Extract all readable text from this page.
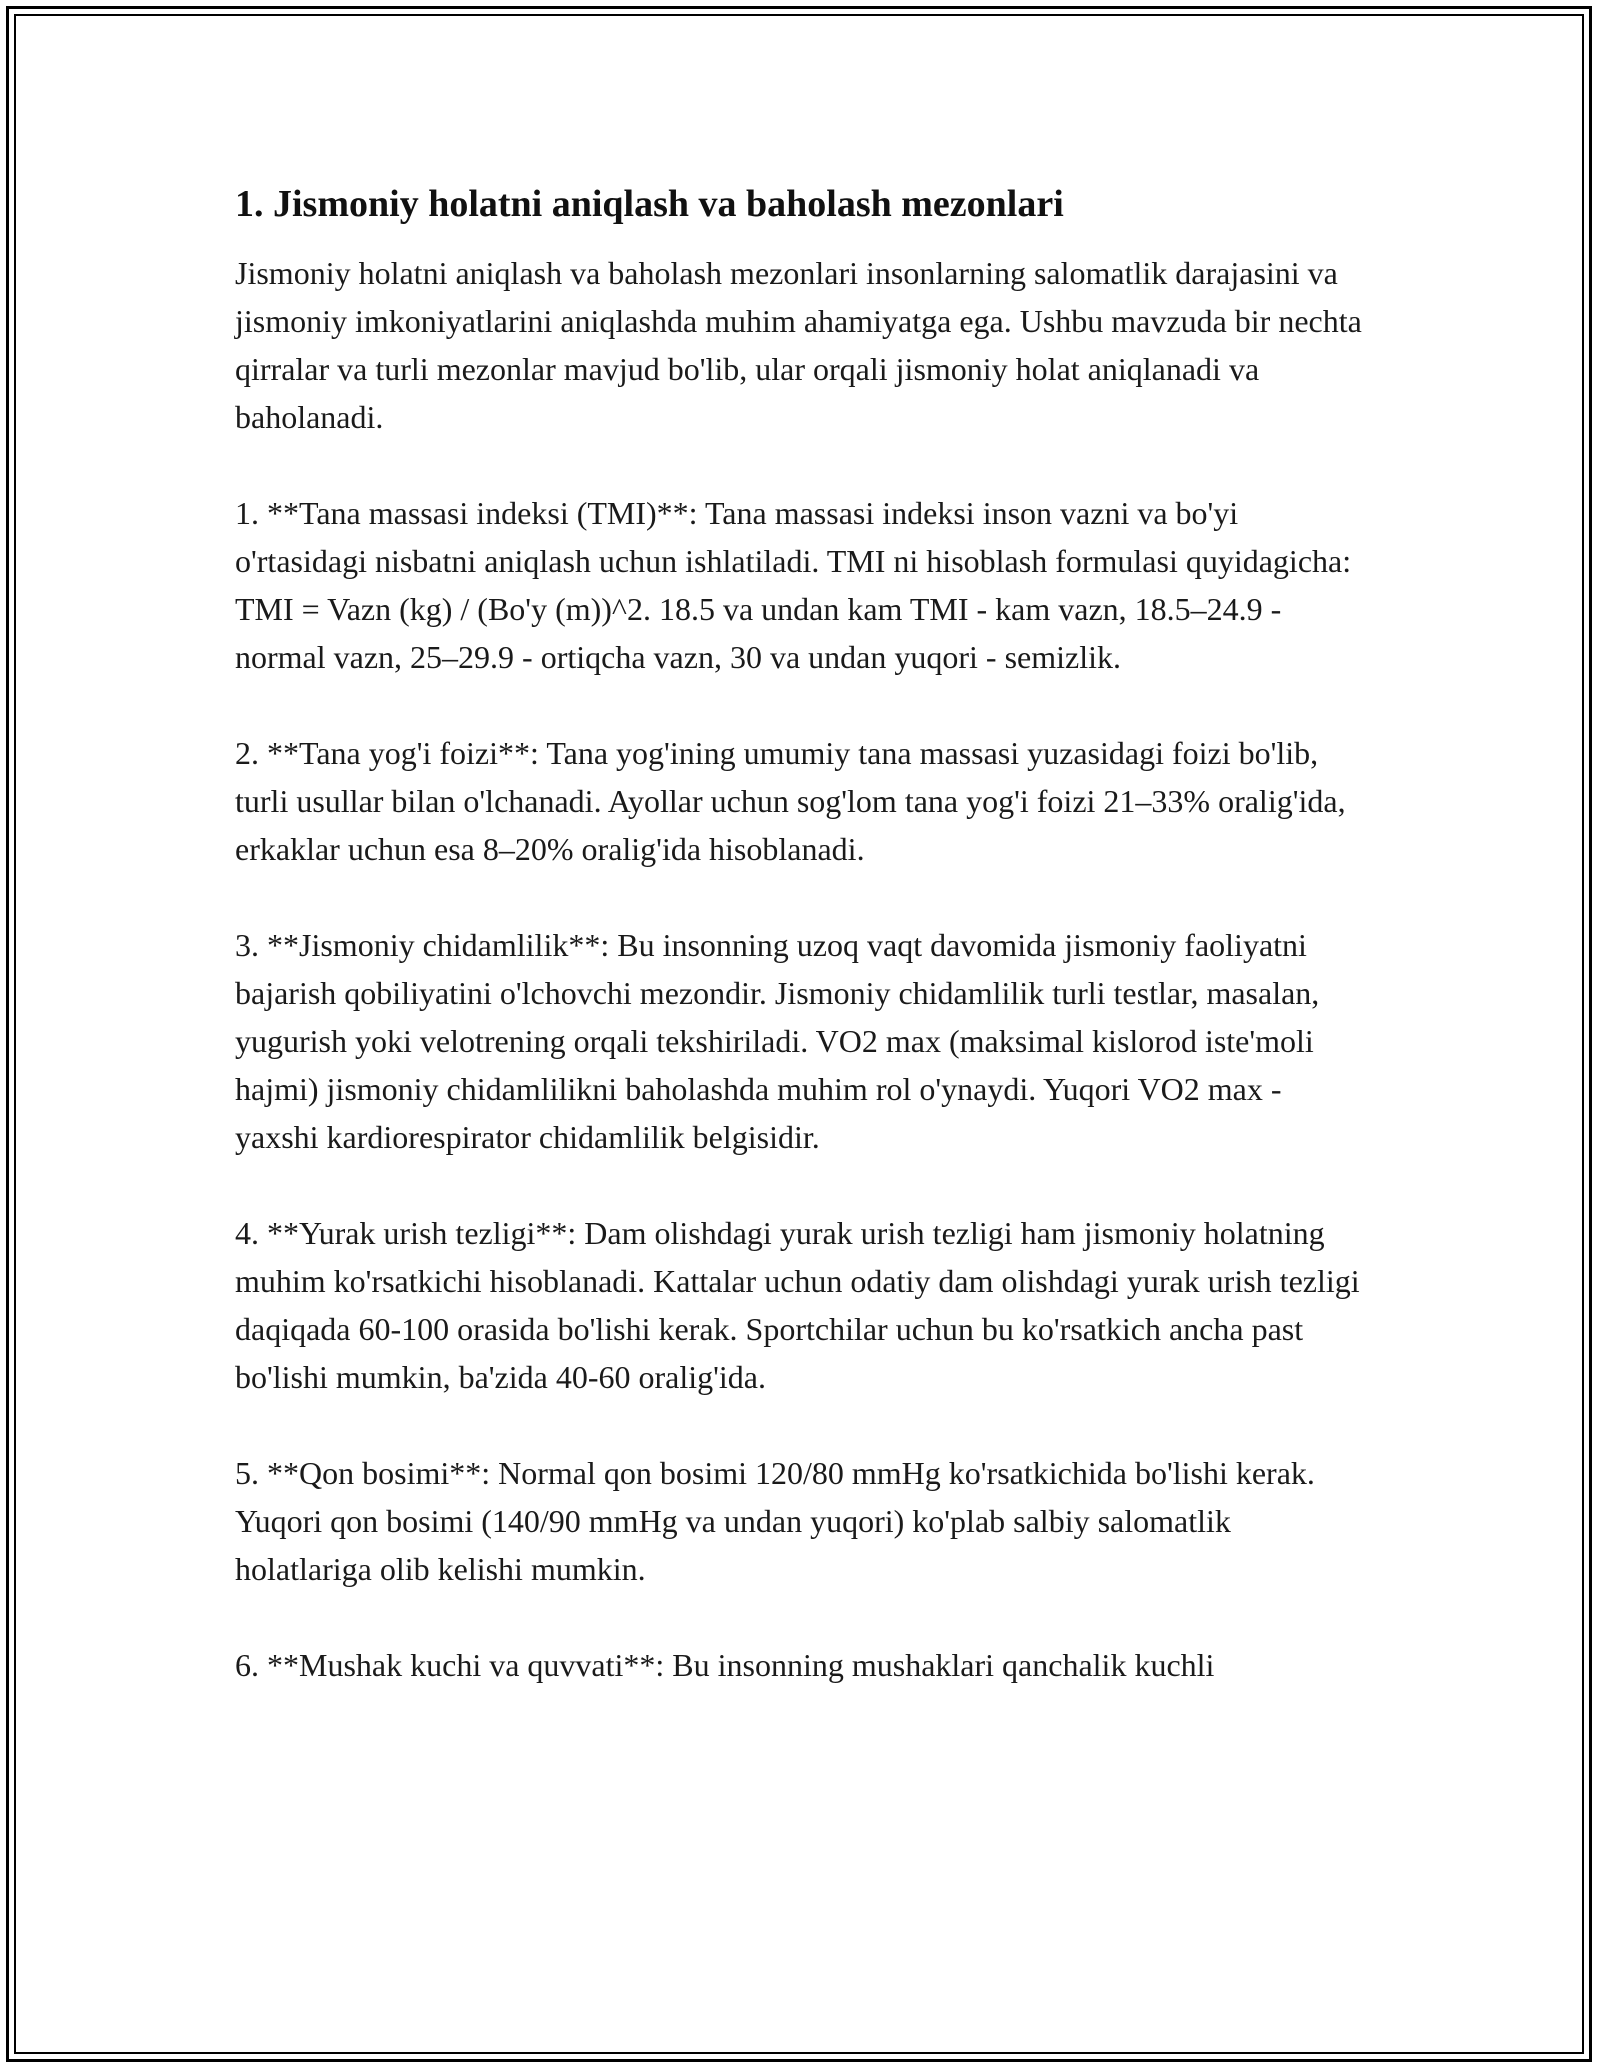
1. Jismoniy holatni aniqlash va baholash mezonlari

Jismoniy holatni aniqlash va baholash mezonlari insonlarning salomatlik darajasini va jismoniy imkoniyatlarini aniqlashda muhim ahamiyatga ega. Ushbu mavzuda bir nechta qirralar va turli mezonlar mavjud bo'lib, ular orqali jismoniy holat aniqlanadi va baholanadi.

1. **Tana massasi indeksi (TMI)**: Tana massasi indeksi inson vazni va bo'yi o'rtasidagi nisbatni aniqlash uchun ishlatiladi. TMI ni hisoblash formulasi quyidagicha: TMI = Vazn (kg) / (Bo'y (m))^2. 18.5 va undan kam TMI - kam vazn, 18.5–24.9 - normal vazn, 25–29.9 - ortiqcha vazn, 30 va undan yuqori - semizlik.

2. **Tana yog'i foizi**: Tana yog'ining umumiy tana massasi yuzasidagi foizi bo'lib, turli usullar bilan o'lchanadi. Ayollar uchun sog'lom tana yog'i foizi 21–33% oralig'ida, erkaklar uchun esa 8–20% oralig'ida hisoblanadi.

3. **Jismoniy chidamlilik**: Bu insonning uzoq vaqt davomida jismoniy faoliyatni bajarish qobiliyatini o'lchovchi mezondir. Jismoniy chidamlilik turli testlar, masalan, yugurish yoki velotrening orqali tekshiriladi. VO2 max (maksimal kislorod iste'moli hajmi) jismoniy chidamlilikni baholashda muhim rol o'ynaydi. Yuqori VO2 max - yaxshi kardiorespirator chidamlilik belgisidir.

4. **Yurak urish tezligi**: Dam olishdagi yurak urish tezligi ham jismoniy holatning muhim ko'rsatkichi hisoblanadi. Kattalar uchun odatiy dam olishdagi yurak urish tezligi daqiqada 60-100 orasida bo'lishi kerak. Sportchilar uchun bu ko'rsatkich ancha past bo'lishi mumkin, ba'zida 40-60 oralig'ida.

5. **Qon bosimi**: Normal qon bosimi 120/80 mmHg ko'rsatkichida bo'lishi kerak. Yuqori qon bosimi (140/90 mmHg va undan yuqori) ko'plab salbiy salomatlik holatlariga olib kelishi mumkin.

6. **Mushak kuchi va quvvati**: Bu insonning mushaklari qanchalik kuchli
